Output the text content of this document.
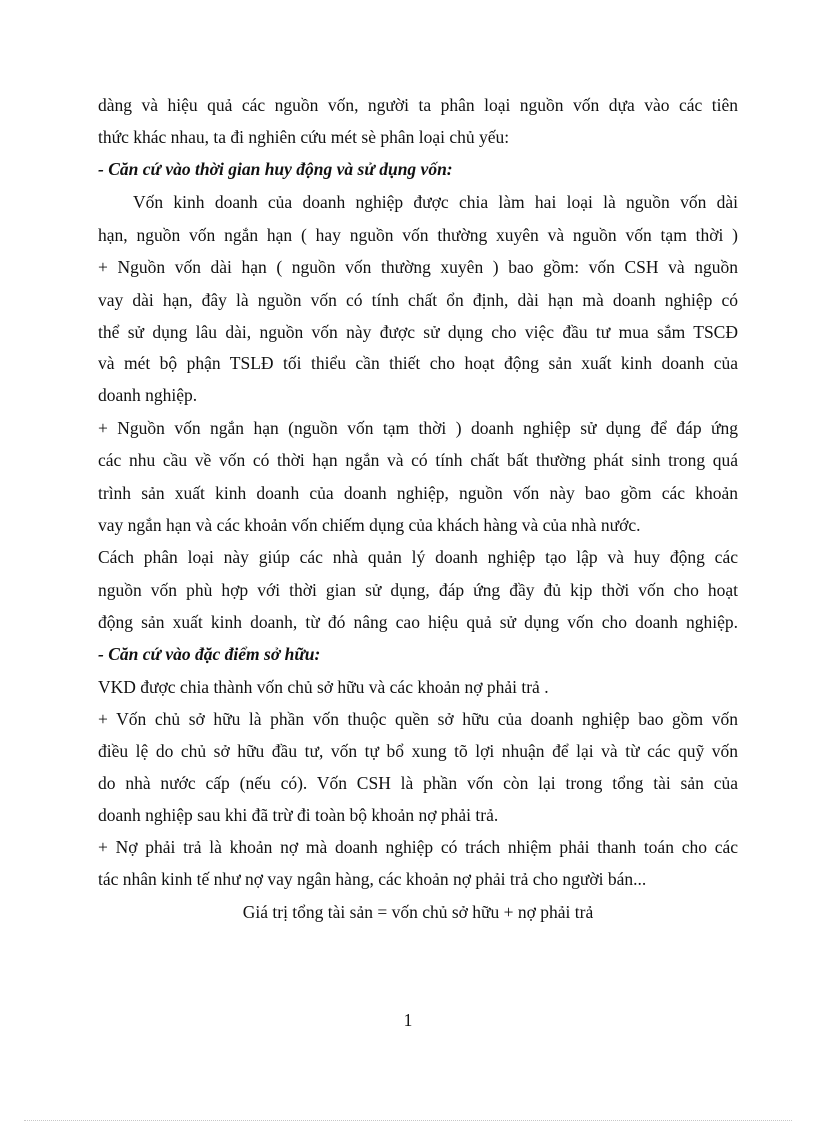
dàng và hiệu quả các nguồn vốn, người ta phân loại nguồn vốn dựa vào các tiên
thức khác nhau, ta đi nghiên cứu mét sè phân loại chủ yếu:
- Căn cứ vào thời gian huy động và sử dụng vốn:
Vốn kinh doanh của doanh nghiệp được chia làm hai loại là nguồn vốn dài
hạn, nguồn vốn ngắn hạn ( hay nguồn vốn thường xuyên và nguồn vốn tạm thời )
+ Nguồn vốn dài hạn ( nguồn vốn thường xuyên ) bao gồm: vốn CSH và nguồn
vay dài hạn, đây là nguồn vốn có tính chất ổn định, dài hạn mà doanh nghiệp có
thể sử dụng lâu dài, nguồn vốn này được sử dụng cho việc đầu tư mua sắm TSCĐ
và mét bộ phận TSLĐ tối thiểu cần thiết cho hoạt động sản xuất kinh doanh của
doanh nghiệp.
+ Nguồn vốn ngắn hạn (nguồn vốn tạm thời ) doanh nghiệp sử dụng để đáp ứng
các nhu cầu về vốn có thời hạn ngắn và có tính chất bất thường phát sinh trong quá
trình sản xuất kinh doanh của doanh nghiệp, nguồn vốn này bao gồm các khoản
vay ngắn hạn và các khoản vốn chiếm dụng của khách hàng và của nhà nước.
Cách phân loại này giúp các nhà quản lý doanh nghiệp tạo lập và huy động các
nguồn vốn phù hợp với thời gian sử dụng, đáp ứng đầy đủ kịp thời vốn cho hoạt
động sản xuất kinh doanh, từ đó nâng cao hiệu quả sử dụng vốn cho doanh nghiệp.
- Căn cứ vào đặc điểm sở hữu:
VKD được chia thành vốn chủ sở hữu và các khoản nợ phải trả .
+ Vốn chủ sở hữu là phần vốn thuộc quền sở hữu của doanh nghiệp bao gồm vốn
điều lệ do chủ sở hữu đầu tư, vốn tự bổ xung tõ lợi nhuận để lại và từ các quỹ vốn
do nhà nước cấp (nếu có). Vốn CSH là phần vốn còn lại trong tổng tài sản của
doanh nghiệp sau khi đã trừ đi toàn bộ khoản nợ phải trả.
+ Nợ phải trả là khoản nợ mà doanh nghiệp có trách nhiệm phải thanh toán cho các
tác nhân kinh tế như nợ vay ngân hàng, các khoản nợ phải trả cho người bán...
Giá trị tổng tài sản = vốn chủ sở hữu + nợ phải trả
1
